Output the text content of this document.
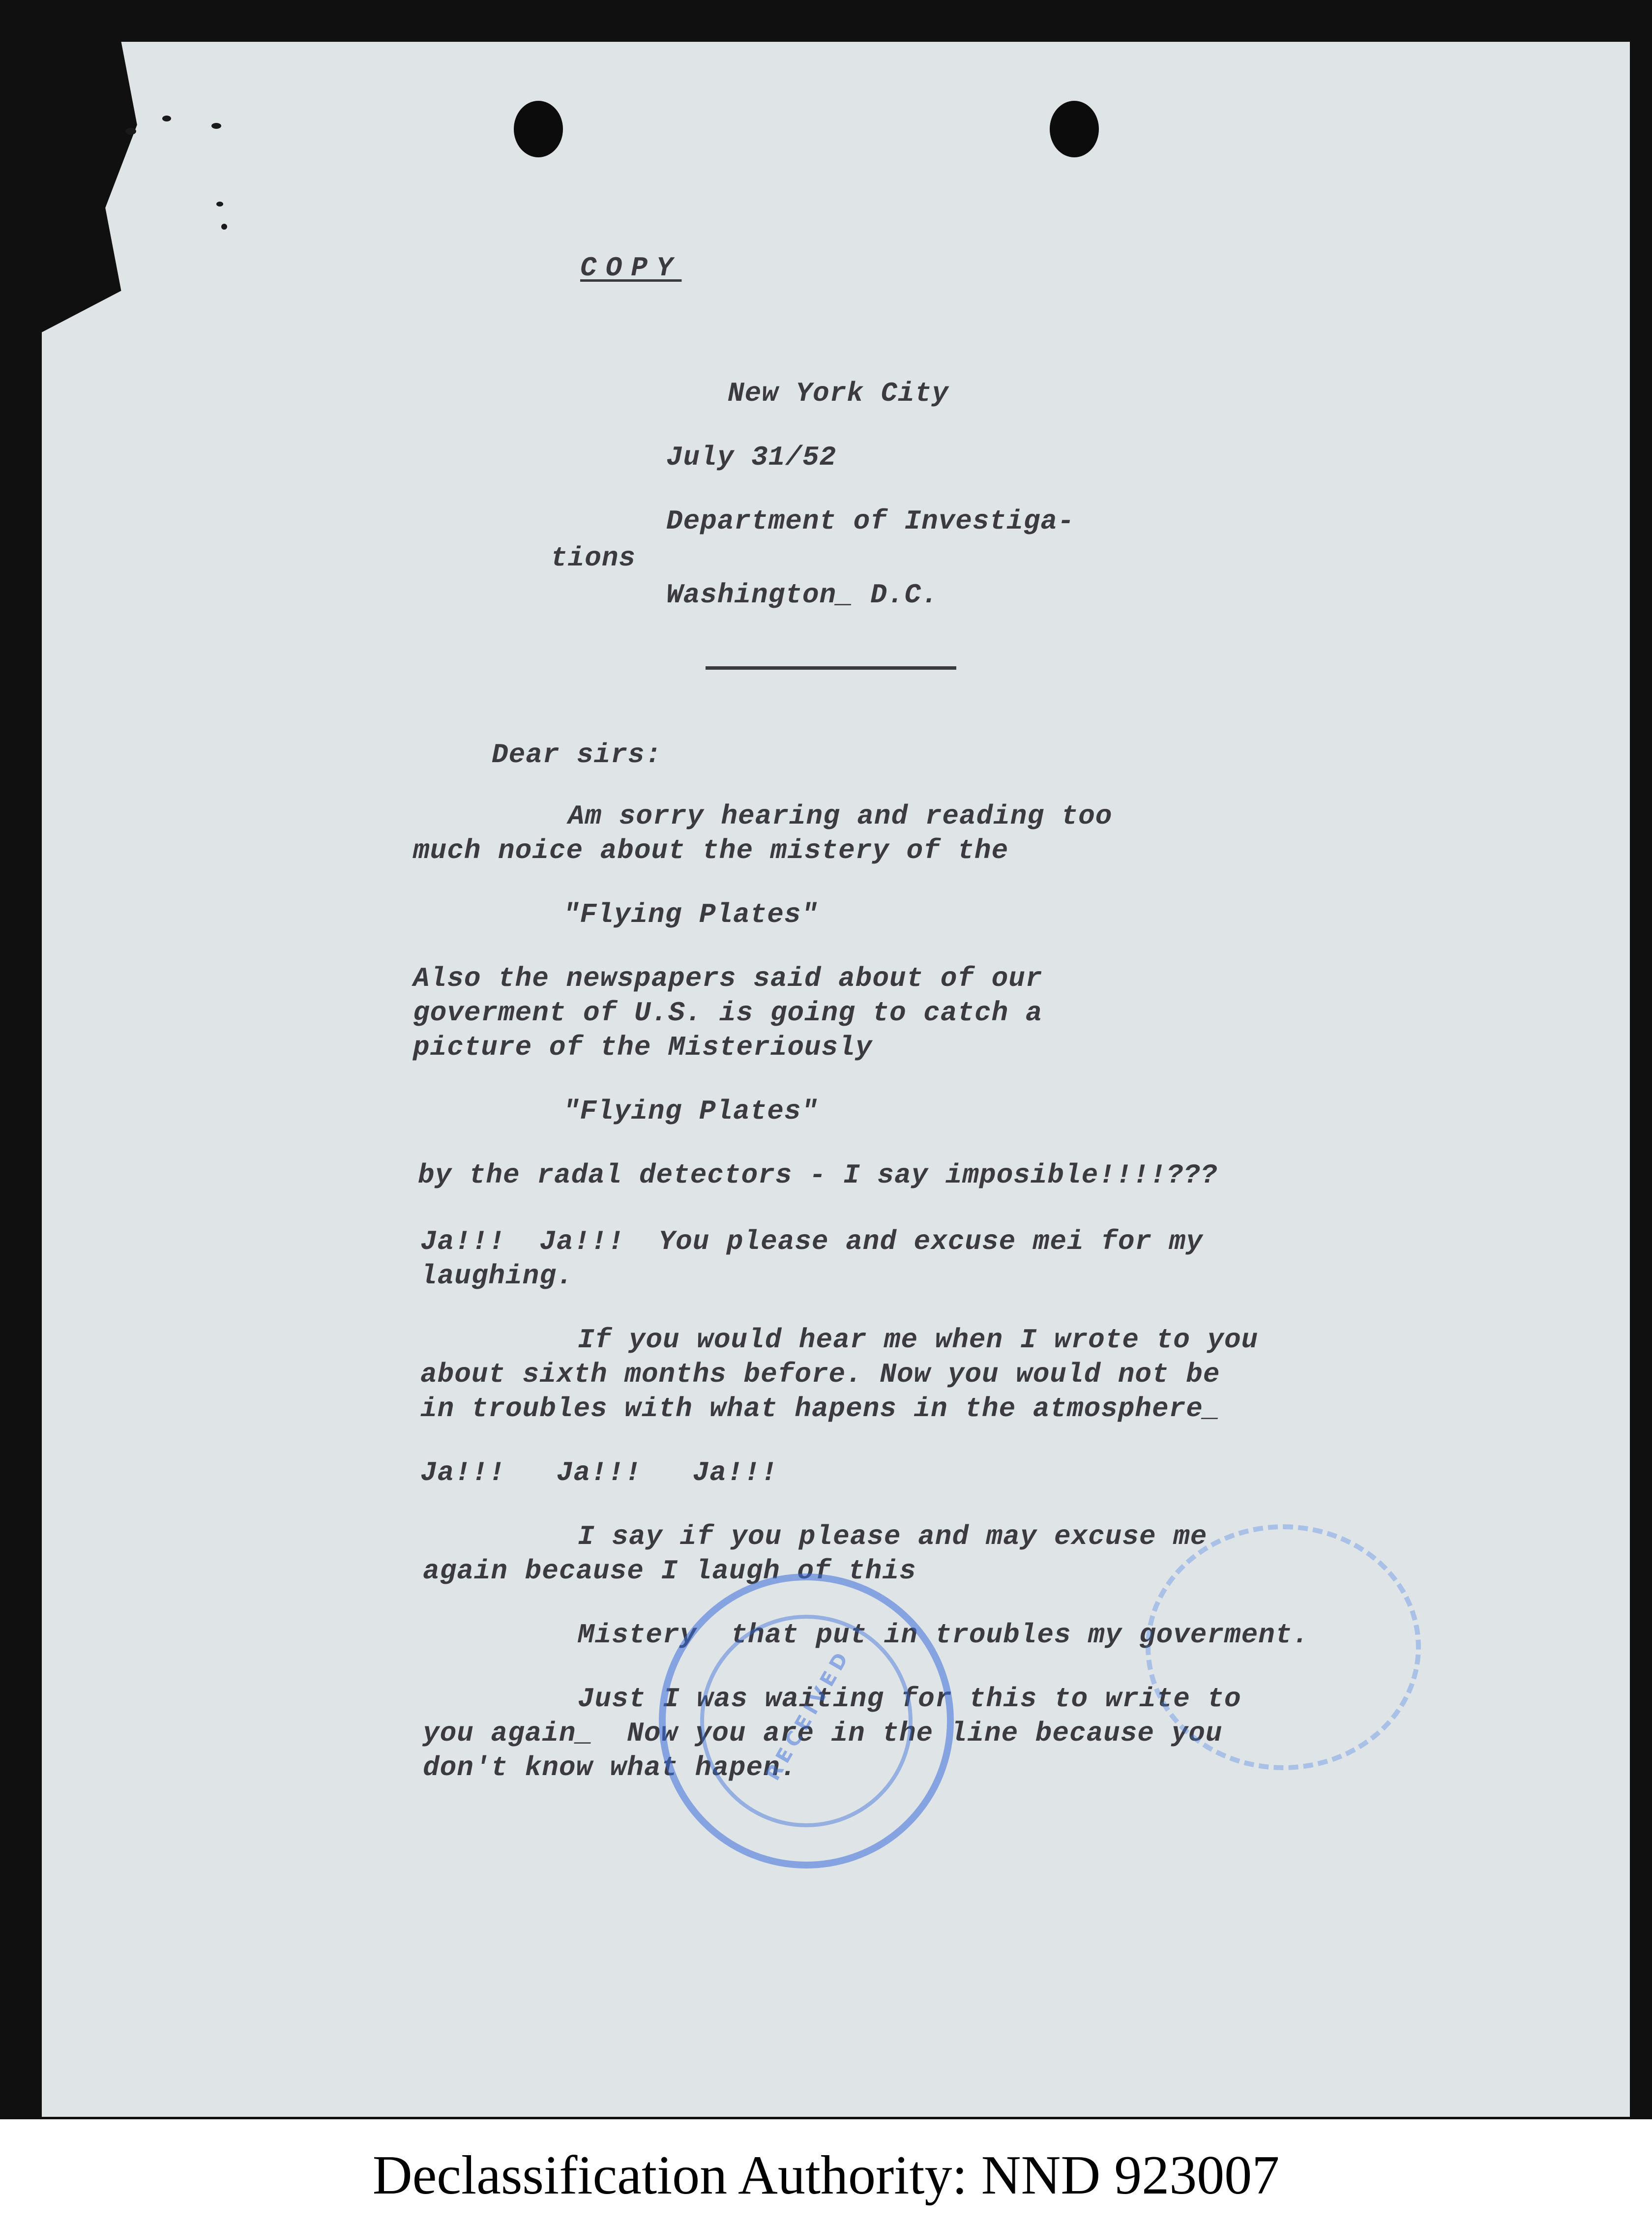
COPY
New York City
July 31/52
Department of Investiga-
tions
Washington_ D.C.
Dear sirs:
Am sorry hearing and reading too
much noice about the mistery of the
"Flying Plates"
Also the newspapers said about of our
goverment of U.S. is going to catch a
picture of the Misteriously
"Flying Plates"
by the radal detectors - I say imposible!!!!???
Ja!!!  Ja!!!  You please and excuse mei for my
laughing.
If you would hear me when I wrote to you
about sixth months before. Now you would not be
in troubles with what hapens in the atmosphere_
Ja!!!   Ja!!!   Ja!!!
I say if you please and may excuse me
again because I laugh of this
Mistery  that put in troubles my goverment.
Just I was waiting for this to write to
you again_  Now you are in the line because you
don't know what hapen.
RECEIVED
Declassification Authority: NND 923007
